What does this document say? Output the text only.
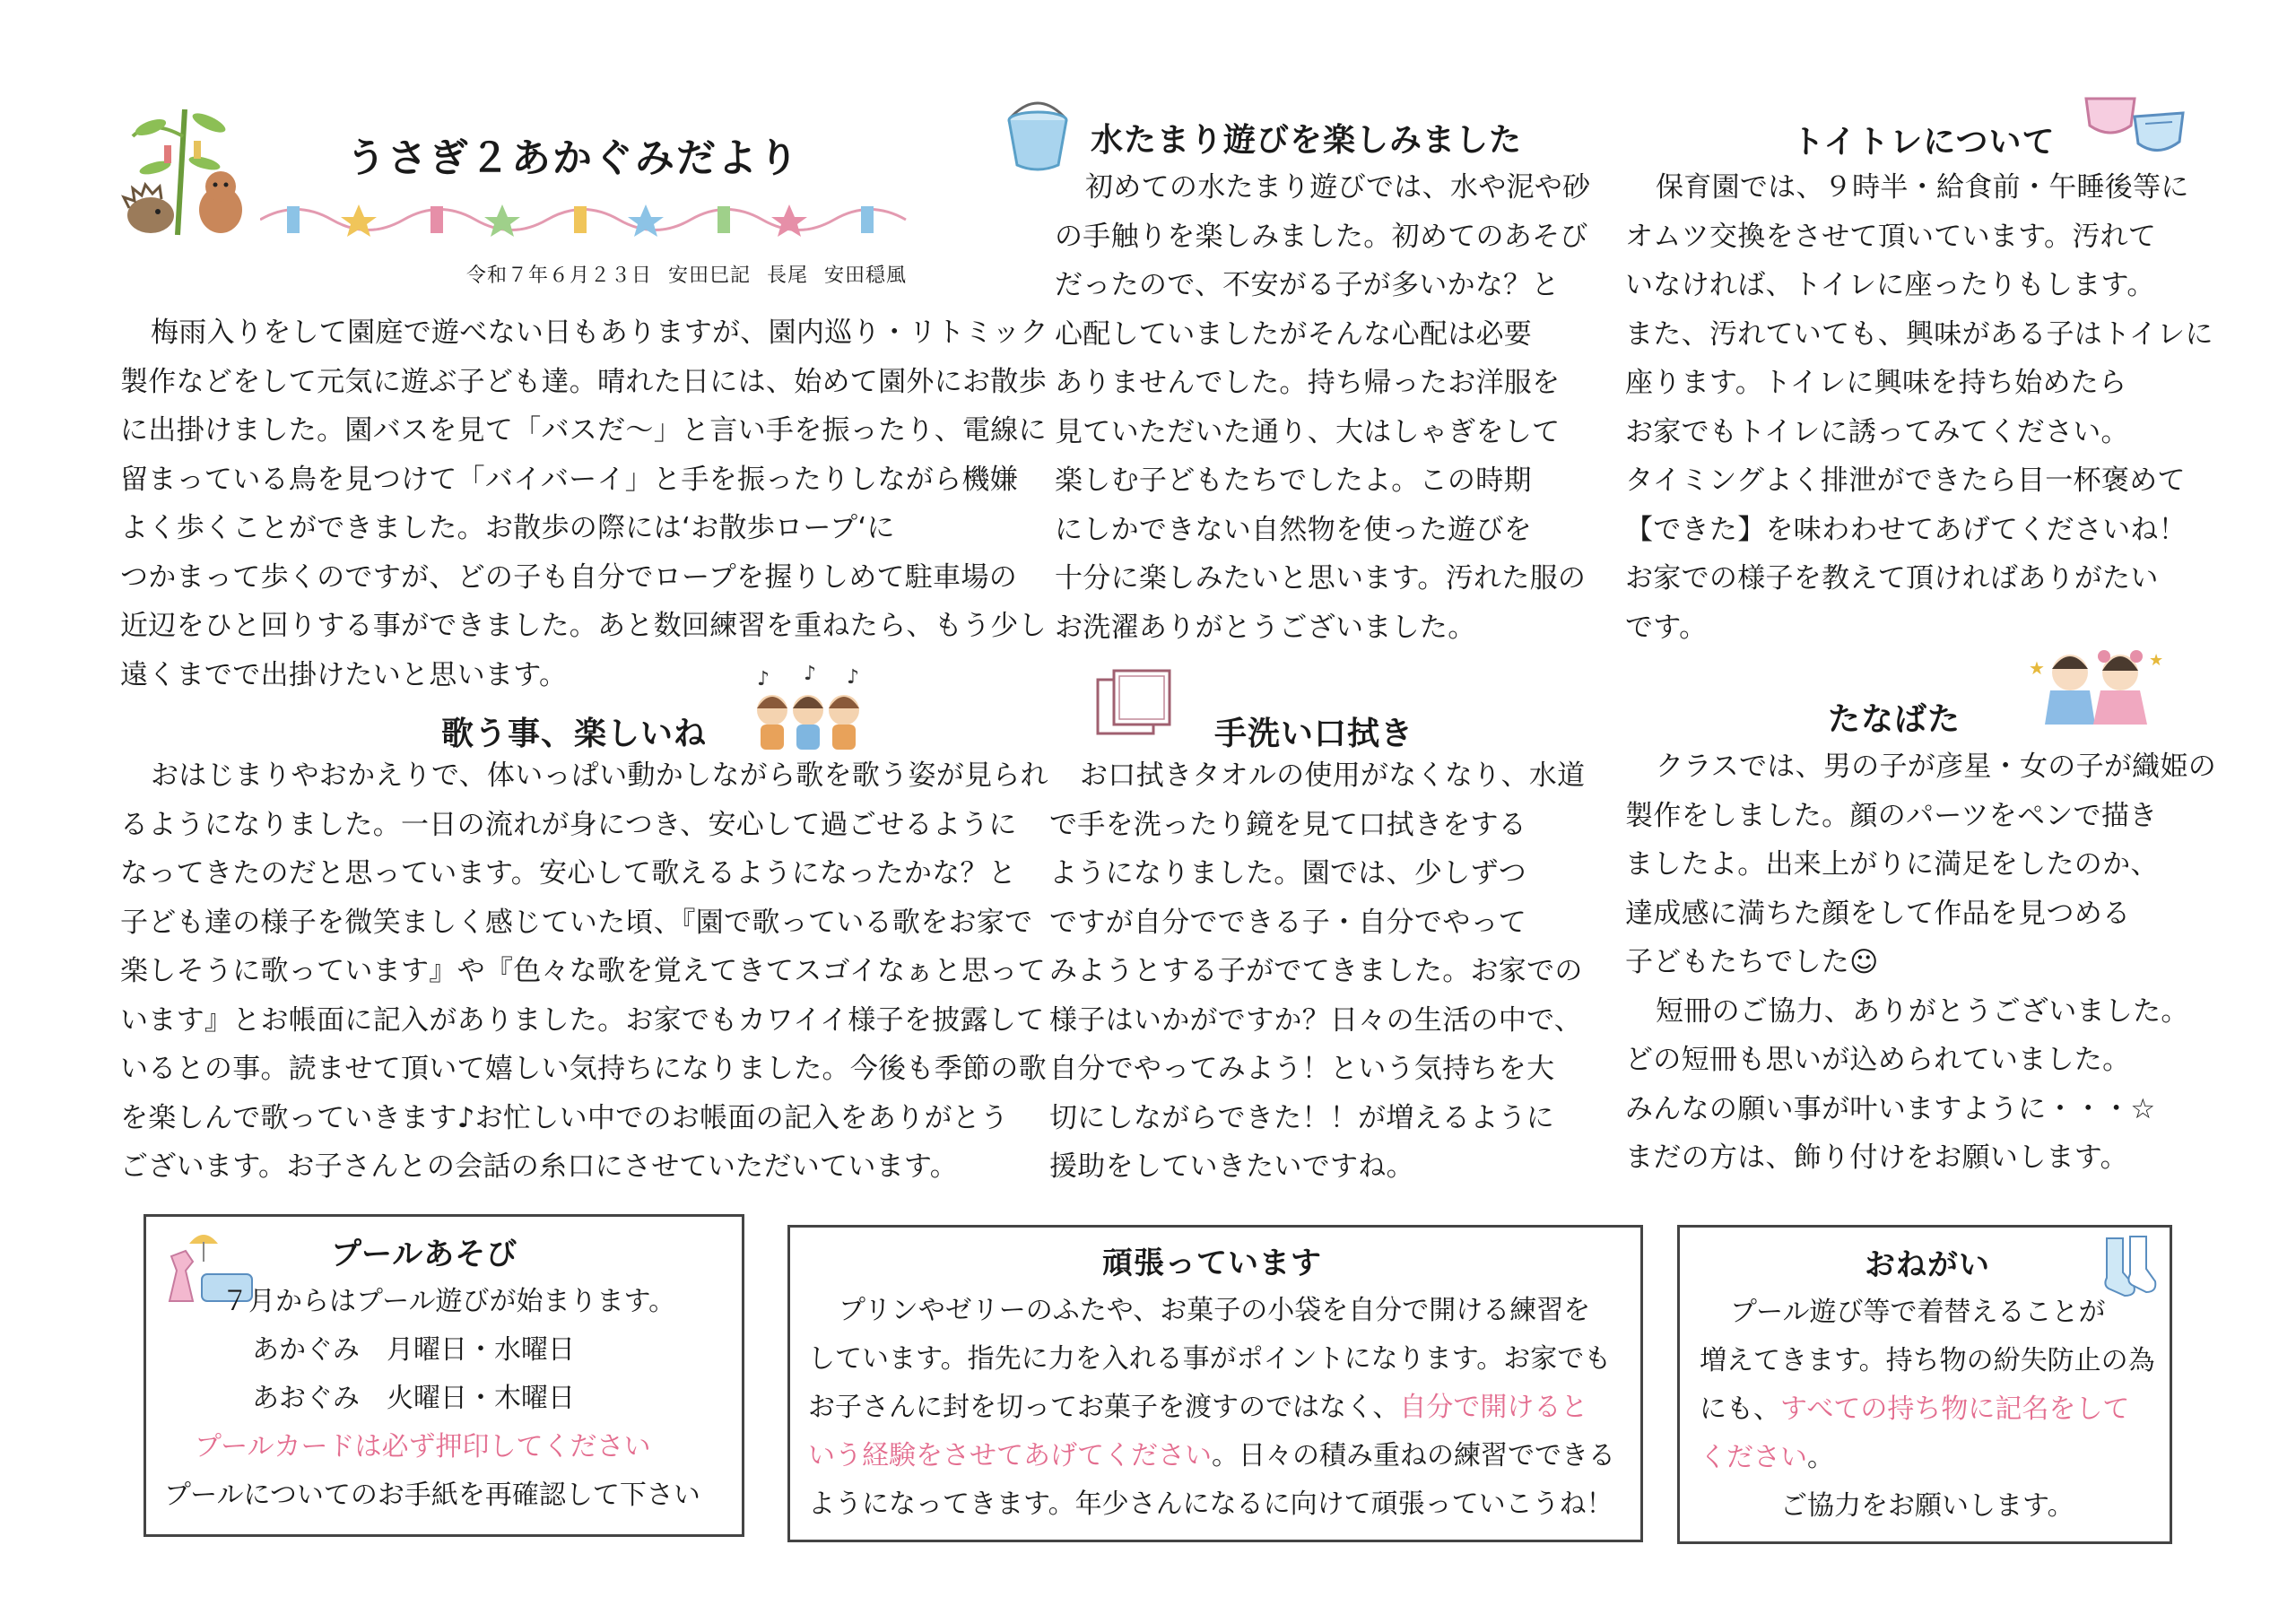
うさぎ２あかぐみだより
令和７年６月２３日 安田巳記 長尾 安田穏風

梅雨入りをして園庭で遊べない日もありますが、園内巡り・リトミック

製作などをして元気に遊ぶ子ども達。晴れた日には、始めて園外にお散歩

に出掛けました。園バスを見て「バスだ～」と言い手を振ったり、電線に

留まっている鳥を見つけて「バイバーイ」と手を振ったりしながら機嫌

よく歩くことができました。お散歩の際には‘お散歩ロープ‘に

つかまって歩くのですが、どの子も自分でロープを握りしめて駐車場の

近辺をひと回りする事ができました。あと数回練習を重ねたら、もう少し

遠くまでで出掛けたいと思います。

歌う事、楽しいね
♪ ♪ ♪

おはじまりやおかえりで、体いっぱい動かしながら歌を歌う姿が見られ

るようになりました。一日の流れが身につき、安心して過ごせるように

なってきたのだと思っています。安心して歌えるようになったかな？と

子ども達の様子を微笑ましく感じていた頃、『園で歌っている歌をお家で

楽しそうに歌っています』や『色々な歌を覚えてきてスゴイなぁと思って

います』とお帳面に記入がありました。お家でもカワイイ様子を披露して

いるとの事。読ませて頂いて嬉しい気持ちになりました。今後も季節の歌

を楽しんで歌っていきます♪お忙しい中でのお帳面の記入をありがとう

ございます。お子さんとの会話の糸口にさせていただいています。

水たまり遊びを楽しみました

初めての水たまり遊びでは、水や泥や砂

の手触りを楽しみました。初めてのあそび

だったので、不安がる子が多いかな？と

心配していましたがそんな心配は必要

ありませんでした。持ち帰ったお洋服を

見ていただいた通り、大はしゃぎをして

楽しむ子どもたちでしたよ。この時期

にしかできない自然物を使った遊びを

十分に楽しみたいと思います。汚れた服の

お洗濯ありがとうございました。

手洗い口拭き

お口拭きタオルの使用がなくなり、水道

で手を洗ったり鏡を見て口拭きをする

ようになりました。園では、少しずつ

ですが自分でできる子・自分でやって

みようとする子がでてきました。お家での

様子はいかがですか？日々の生活の中で、

自分でやってみよう！という気持ちを大

切にしながらできた！！が増えるように

援助をしていきたいですね。

トイトレについて

保育園では、９時半・給食前・午睡後等に

オムツ交換をさせて頂いています。汚れて

いなければ、トイレに座ったりもします。

また、汚れていても、興味がある子はトイレに

座ります。トイレに興味を持ち始めたら

お家でもトイレに誘ってみてください。

タイミングよく排泄ができたら目一杯褒めて

【できた】を味わわせてあげてくださいね！

お家での様子を教えて頂ければありがたい

です。

たなばた
★	★

クラスでは、男の子が彦星・女の子が織姫の

製作をしました。顔のパーツをペンで描き

ましたよ。出来上がりに満足をしたのか、

達成感に満ちた顔をして作品を見つめる

子どもたちでした☺

短冊のご協力、ありがとうございました。

どの短冊も思いが込められていました。

みんなの願い事が叶いますように・・・☆

まだの方は、飾り付けをお願いします。

プールあそび

７月からはプール遊びが始まります。

あかぐみ　月曜日・水曜日

あおぐみ　火曜日・木曜日

プールカードは必ず押印してください

プールについてのお手紙を再確認して下さい

頑張っています

プリンやゼリーのふたや、お菓子の小袋を自分で開ける練習を

しています。指先に力を入れる事がポイントになります。お家でも

お子さんに封を切ってお菓子を渡すのではなく、自分で開けると

いう経験をさせてあげてください。日々の積み重ねの練習でできる

ようになってきます。年少さんになるに向けて頑張っていこうね！

おねがい

プール遊び等で着替えることが

増えてきます。持ち物の紛失防止の為

にも、すべての持ち物に記名をして

ください。

ご協力をお願いします。
